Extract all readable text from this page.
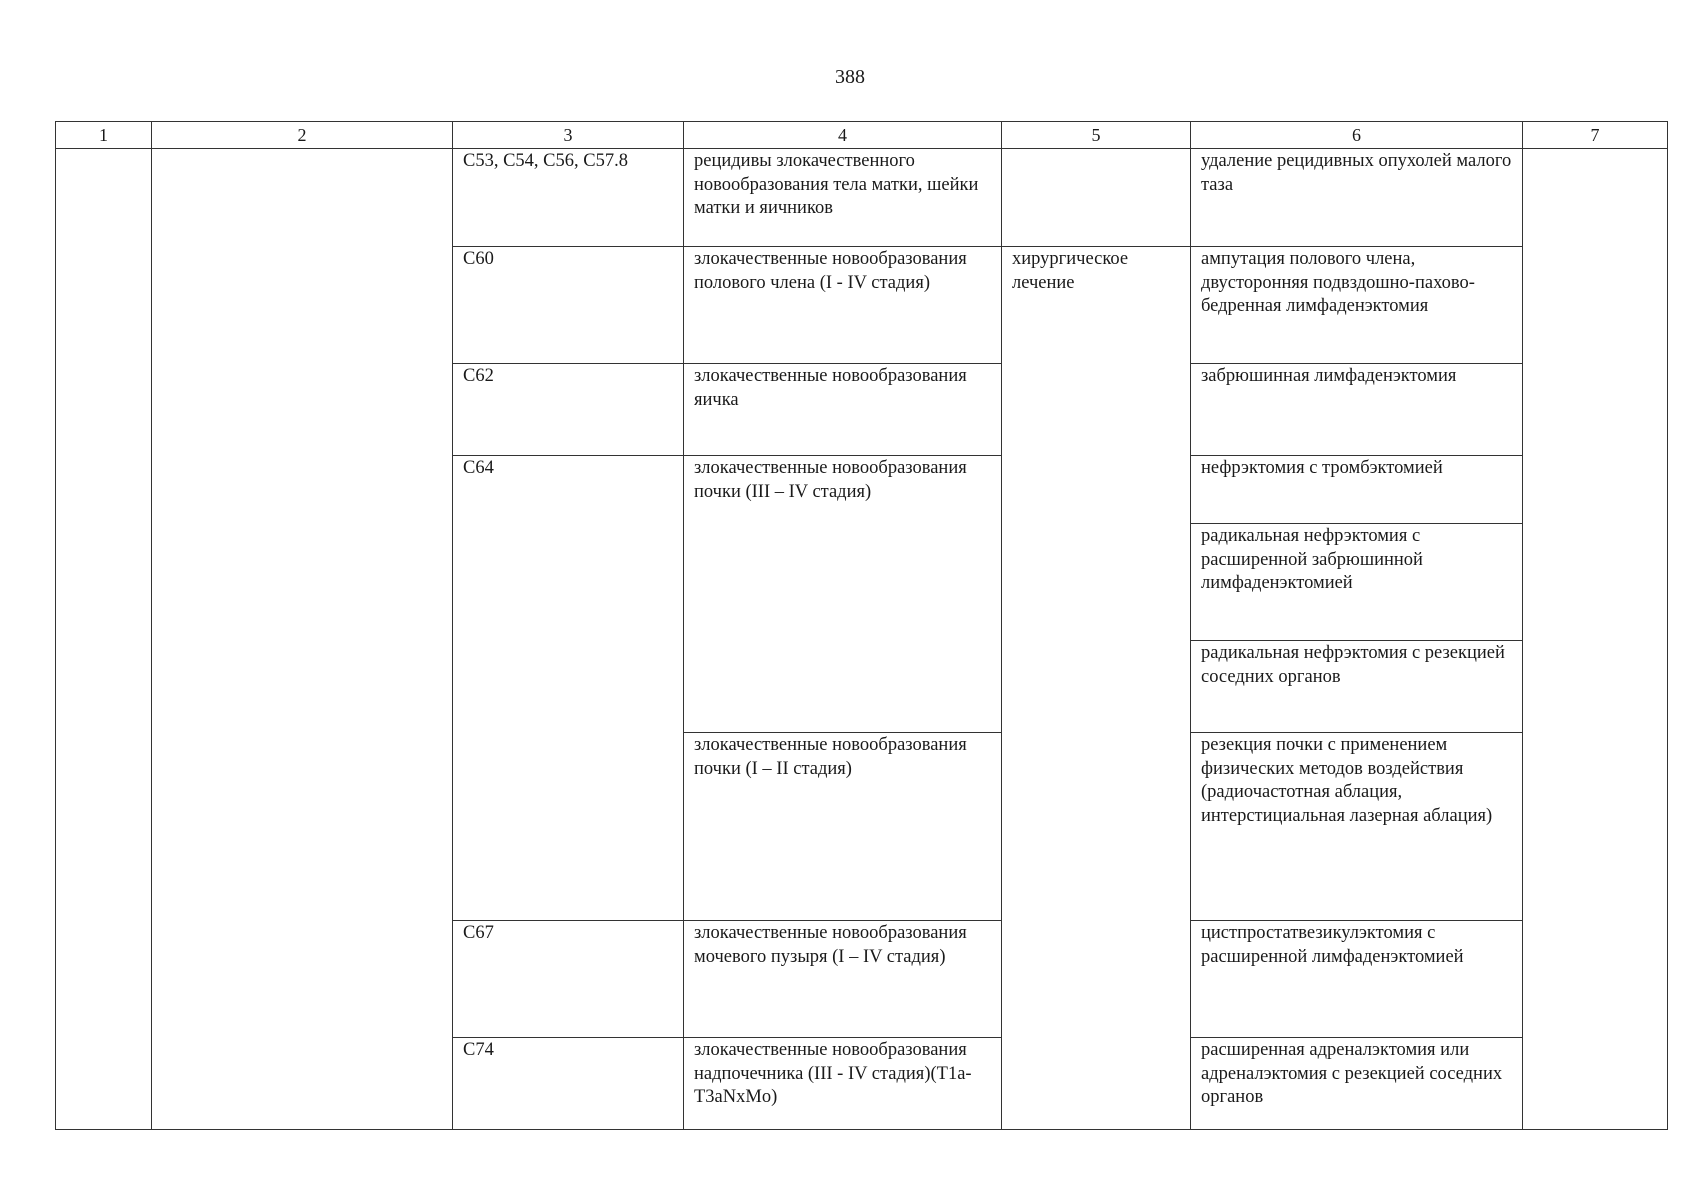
388
1	2	3	4	5	6	7
		C53, C54, C56, C57.8	рецидивы злокачественного новообразования тела матки, шейки матки и яичников		удаление рецидивных опухолей малого таза	
		C60	злокачественные новообразования полового члена (I - IV стадия)	хирургическое лечение	ампутация полового члена, двусторонняя подвздошно-пахово-бедренная лимфаденэктомия	
		C62	злокачественные новообразования яичка		забрюшинная лимфаденэктомия	
		C64	злокачественные новообразования почки (III – IV стадия)		нефрэктомия с тромбэктомией	
					радикальная нефрэктомия с расширенной забрюшинной лимфаденэктомией	
					радикальная нефрэктомия с резекцией соседних органов	
			злокачественные новообразования почки (I – II стадия)		резекция почки с применением физических методов воздействия (радиочастотная аблация, интерстициальная лазерная аблация)	
		C67	злокачественные новообразования мочевого пузыря (I – IV стадия)		цистпростатвезикулэктомия с расширенной лимфаденэктомией	
		C74	злокачественные новообразования надпочечника (III - IV стадия)(T1a-T3aNxMo)		расширенная адреналэктомия или адреналэктомия с резекцией соседних органов	
